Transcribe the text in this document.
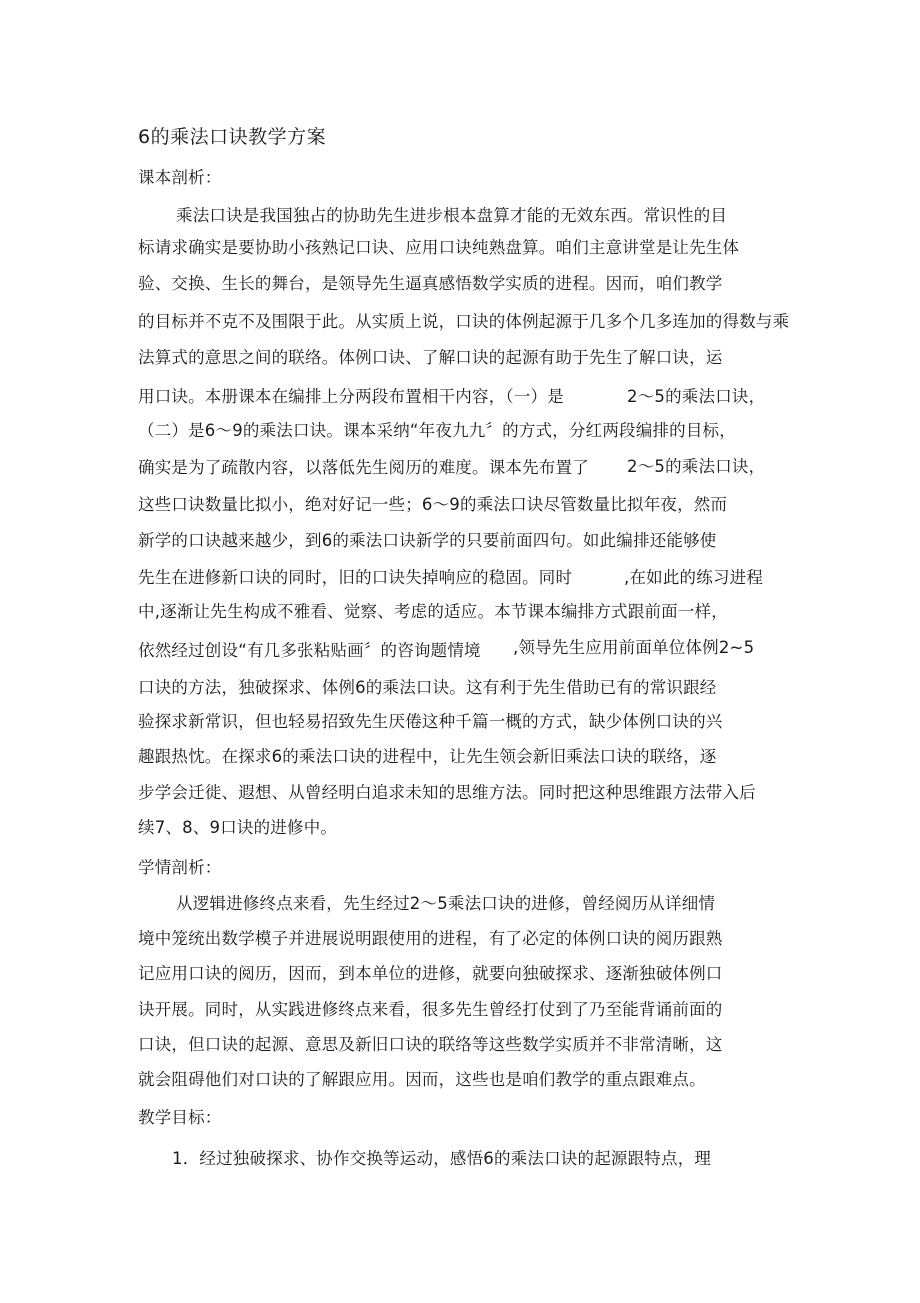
6的乘法口诀教学方案
课本剖析：
乘法口诀是我国独占的协助先生进步根本盘算才能的无效东西。常识性的目
标请求确实是要协助小孩熟记口诀、应用口诀纯熟盘算。咱们主意讲堂是让先生体
验、交换、生长的舞台，是领导先生逼真感悟数学实质的进程。因而，咱们教学
的目标并不克不及围限于此。从实质上说，口诀的体例起源于几多个几多连加的得数与乘
法算式的意思之间的联络。体例口诀、了解口诀的起源有助于先生了解口诀，运
用口诀。本册课本在编排上分两段布置相干内容，（一）是	2～5的乘法口诀，
（二）是6～9的乘法口诀。课本采纳“年夜九九〞的方式，分红两段编排的目标，
确实是为了疏散内容，以落低先生阅历的难度。课本先布置了 2～5的乘法口诀，
这些口诀数量比拟小，绝对好记一些；6～9的乘法口诀尽管数量比拟年夜，然而
新学的口诀越来越少，到6的乘法口诀新学的只要前面四句。如此编排还能够使
先生在进修新口诀的同时，旧的口诀失掉响应的稳固。同时	,在如此的练习进程
中,逐渐让先生构成不雅看、觉察、考虑的适应。本节课本编排方式跟前面一样，
依然经过创设“有几多张粘贴画〞的咨询题情境 ,领导先生应用前面单位体例2~5
口诀的方法，独破探求、体例6的乘法口诀。这有利于先生借助已有的常识跟经
验探求新常识，但也轻易招致先生厌倦这种千篇一概的方式，缺少体例口诀的兴
趣跟热忱。在探求6的乘法口诀的进程中，让先生领会新旧乘法口诀的联络，逐
步学会迁徙、遐想、从曾经明白追求未知的思维方法。同时把这种思维跟方法带入后
续7、8、9口诀的进修中。
学情剖析：
从逻辑进修终点来看，先生经过2～5乘法口诀的进修，曾经阅历从详细情
境中笼统出数学模子并进展说明跟使用的进程，有了必定的体例口诀的阅历跟熟
记应用口诀的阅历，因而，到本单位的进修，就要向独破探求、逐渐独破体例口
诀开展。同时，从实践进修终点来看，很多先生曾经打仗到了乃至能背诵前面的
口诀，但口诀的起源、意思及新旧口诀的联络等这些数学实质并不非常清晰，这
就会阻碍他们对口诀的了解跟应用。因而，这些也是咱们教学的重点跟难点。
教学目标：
1．经过独破探求、协作交换等运动，感悟6的乘法口诀的起源跟特点，理
